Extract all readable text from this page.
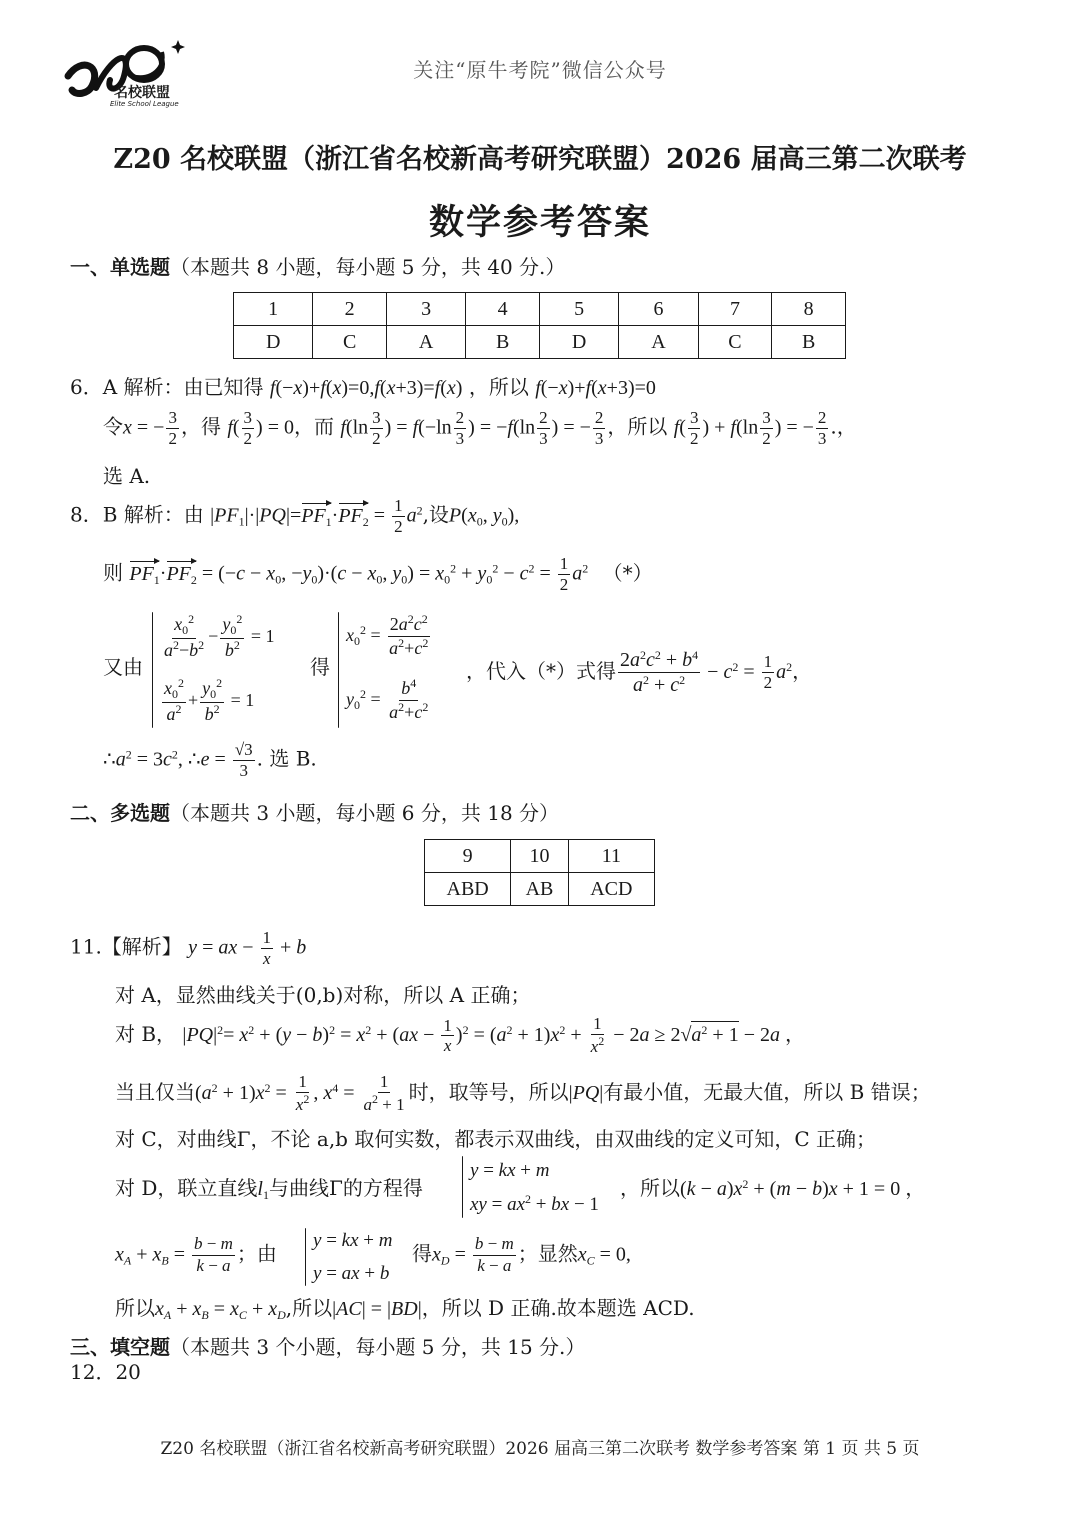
名校联盟
Elite School League
关注“原牛考院”微信公众号
Z20 名校联盟（浙江省名校新高考研究联盟）2026 届高三第二次联考
数学参考答案
一、单选题（本题共 8 小题，每小题 5 分，共 40 分.）
1	2	3	4	5	6	7	8
D	C	A	B	D	A	C	B
6．A 解析：由已知得 f(−x)+f(x)=0,f(x+3)=f(x) ，所以 f(−x)+f(x+3)=0
令x = − $\frac{3}{2}$ ，得 $f( \frac{3}{2}$ ) = 0，而 $f(\ln \frac{3}{2}$ ) = $f(-\ln \frac{2}{3}$ ) = $-f(\ln \frac{2}{3}$ ) = − $\frac{2}{3}$ ，所以 $f( \frac{3}{2}$ ) + $f(\ln \frac{3}{2}$ ) = − $\frac{2}{3}$ .，
选 A.
8．B 解析：由 $|PF_1|\cdot|PQ|=PF_1\cdot PF_2 = \frac{1}{2} a^2$,设$P(x_0$, $y_0$),
则 $PF_1\cdot PF_2 = (-c - x_0$, $-y_0)\cdot(c - x_0$, $y_0) = x_0^2 + y_0^2 - c^2 = \frac{1}{2} a^2$ （*）
又由
$\frac{x_0^2}{a^2-b^2} - \frac{y_0^2}{b^2} = 1$
$\frac{x_0^2}{a^2} + \frac{y_0^2}{b^2} = 1$
得
$x_0^2 = \frac{2a^2c^2}{a^2+c^2}$
$y_0^2 = \frac{b^4}{a^2+c^2}$
，代入（*）式得 $\frac{2a^2c^2 + b^4}{a^2 + c^2} - c^2 = \frac{1}{2} a^2$，
$\therefore a^2 = 3c^2$, ∴e = $\frac{√3}{3}$ . 选 B.
二、多选题（本题共 3 小题，每小题 6 分，共 18 分）
9	10	11
ABD	AB	ACD
11.【解析】 y = ax − $\frac{1}{x} + b$
对 A，显然曲线关于(0,b)对称，所以 A 正确；
对 B， $|PQ|^2= x^2 + (y - b)^2 = x^2 + (ax - \frac{1}{x} )^2 = (a^2 + 1)x^2 + \frac{1}{x^2} - 2a \ge 2√a^2 + 1 - 2a$ ，
当且仅当$(a^2 + 1)x^2 = \frac{1}{x^2}$ , $x^4 = \frac{1}{a^2 + 1}$ 时，取等号，所以|PQ|有最小值，无最大值，所以 B 错误；
对 C，对曲线Γ，不论 a,b 取何实数，都表示双曲线，由双曲线的定义可知，C 正确；
对 D，联立直线$l_1$与曲线Γ的方程得
y = kx + m
xy = $ax^2$ + bx − 1
，所以$(k - a)x^2 + (m - b)x + 1 = 0$ ，
$x_A + x_B = \frac{b - m}{k - a}$ ；由
y = kx + m
y = ax + b
得$x_D = \frac{b - m}{k - a}$ ；显然$x_C = 0$,
所以$x_A + x_B = x_C + x_D$,所以|AC| = |BD|，所以 D 正确.故本题选 ACD.
三、填空题（本题共 3 个小题，每小题 5 分，共 15 分.）
12．20
Z20 名校联盟（浙江省名校新高考研究联盟）2026 届高三第二次联考 数学参考答案 第 1 页 共 5 页
